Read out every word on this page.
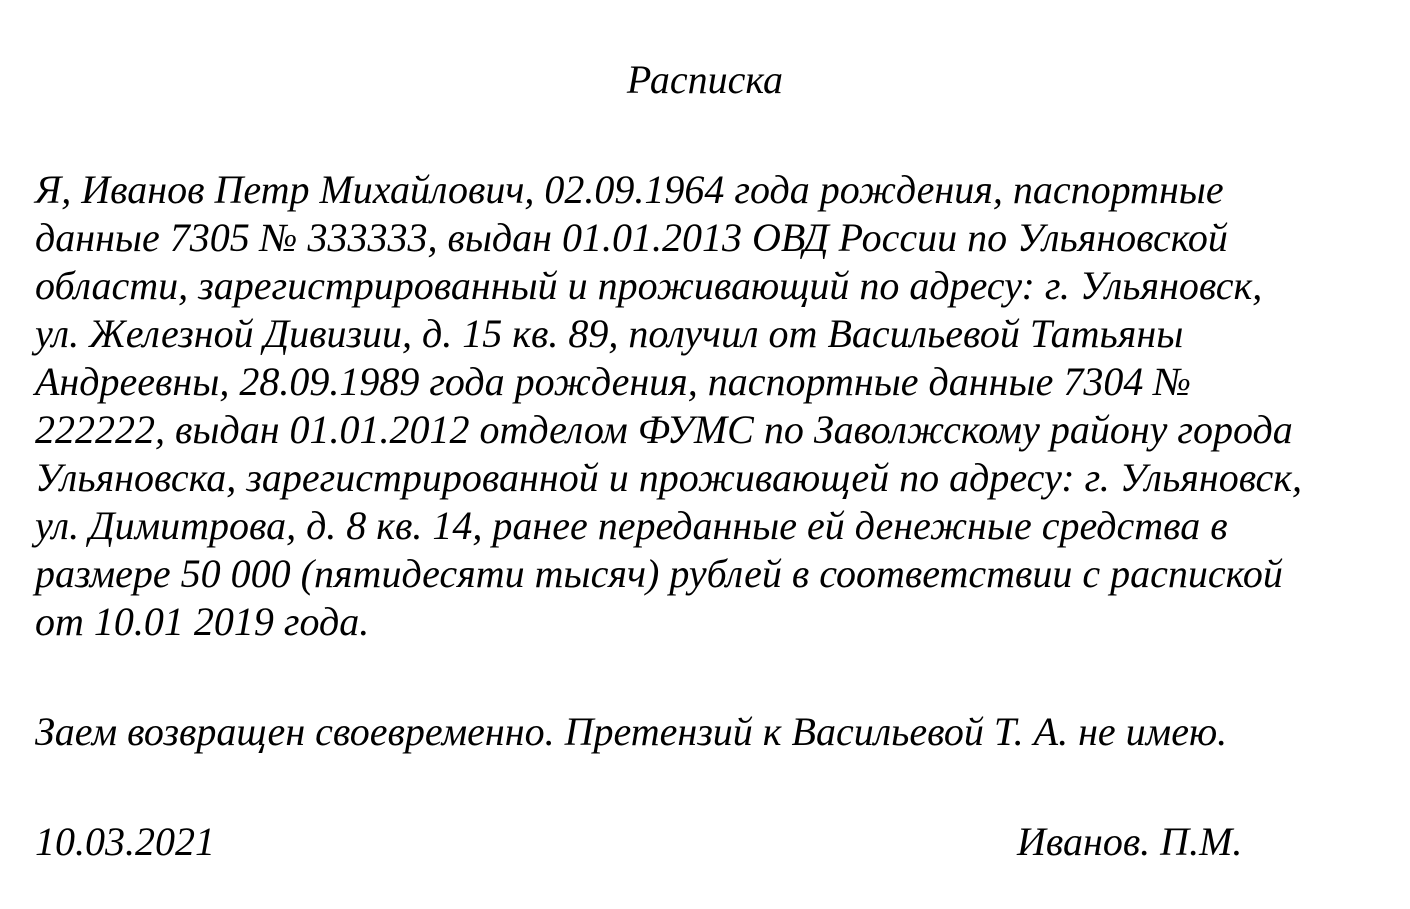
Расписка
Я, Иванов Петр Михайлович, 02.09.1964 года рождения, паспортные
данные 7305 № 333333, выдан 01.01.2013 ОВД России по Ульяновской
области, зарегистрированный и проживающий по адресу: г. Ульяновск,
ул. Железной Дивизии, д. 15 кв. 89, получил от Васильевой Татьяны
Андреевны, 28.09.1989 года рождения, паспортные данные 7304 №
222222, выдан 01.01.2012 отделом ФУМС по Заволжскому району города
Ульяновска, зарегистрированной и проживающей по адресу: г. Ульяновск,
ул. Димитрова, д. 8 кв. 14, ранее переданные ей денежные средства в
размере 50 000 (пятидесяти тысяч) рублей в соответствии с распиской
от 10.01 2019 года.
Заем возвращен своевременно. Претензий к Васильевой Т. А. не имею.
10.03.2021	Иванов. П.М.
